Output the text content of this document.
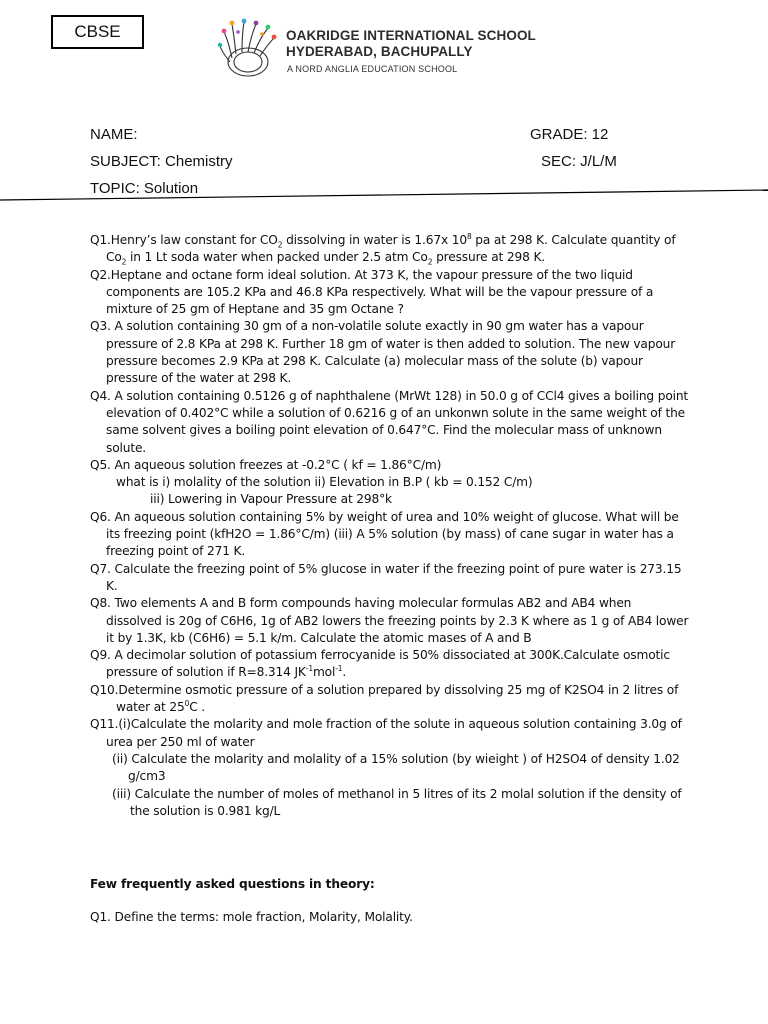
CBSE	OAKRIDGE INTERNATIONAL SCHOOL
HYDERABAD, BACHUPALLY
A NORD ANGLIA EDUCATION SCHOOL
NAME:	GRADE: 12
SUBJECT: Chemistry	SEC: J/L/M
TOPIC: Solution
Q1.Henry’s law constant for $CO_2$ dissolving in water is 1.67x $10^8$ pa at 298 K. Calculate quantity of $Co_2$ in 1 Lt soda water when packed under 2.5 atm $Co_2$ pressure at 298 K.
Q2.Heptane and octane form ideal solution. At 373 K, the vapour pressure of the two liquid components are 105.2 KPa and 46.8 KPa respectively. What will be the vapour pressure of a mixture of 25 gm of Heptane and 35 gm Octane ?
Q3. A solution containing 30 gm of a non-volatile solute exactly in 90 gm water has a vapour pressure of 2.8 KPa at 298 K. Further 18 gm of water is then added to solution. The new vapour pressure becomes 2.9 KPa at 298 K. Calculate (a) molecular mass of the solute (b) vapour pressure of the water at 298 K.
Q4. A solution containing 0.5126 g of naphthalene (MrWt 128) in 50.0 g of CCl4 gives a boiling point elevation of 0.402°C while a solution of 0.6216 g of an unkonwn solute in the same weight of the same solvent gives a boiling point elevation of 0.647°C. Find the molecular mass of unknown solute.
Q5. An aqueous solution freezes at -0.2°C ( kf = 1.86°C/m)
what is i) molality of the solution ii) Elevation in B.P ( kb = 0.152 C/m)
iii) Lowering in Vapour Pressure at 298°k
Q6. An aqueous solution containing 5% by weight of urea and 10% weight of glucose. What will be its freezing point (kfH2O = 1.86°C/m) (iii) A 5% solution (by mass) of cane sugar in water has a freezing point of 271 K.
Q7. Calculate the freezing point of 5% glucose in water if the freezing point of pure water is 273.15 K.
Q8. Two elements A and B form compounds having molecular formulas AB2 and AB4 when dissolved is 20g of C6H6, 1g of AB2 lowers the freezing points by 2.3 K where as 1 g of AB4 lower it by 1.3K, kb (C6H6) = 5.1 k/m. Calculate the atomic mases of A and B
Q9. A decimolar solution of potassium ferrocyanide is 50% dissociated at 300K.Calculate osmotic pressure of solution if R=8.314 $JK^{-1}mol^{-1}$.
Q10.Determine osmotic pressure of a solution prepared by dissolving 25 mg of K2SO4 in 2 litres of water at $25^0C$ .
Q11.(i)Calculate the molarity and mole fraction of the solute in aqueous solution containing 3.0g of urea per 250 ml of water
(ii) Calculate the molarity and molality of a 15% solution (by wieight ) of H2SO4 of density 1.02 g/cm3
(iii) Calculate the number of moles of methanol in 5 litres of its 2 molal solution if the density of the solution is 0.981 kg/L
Few frequently asked questions in theory:
Q1. Define the terms: mole fraction, Molarity, Molality.
